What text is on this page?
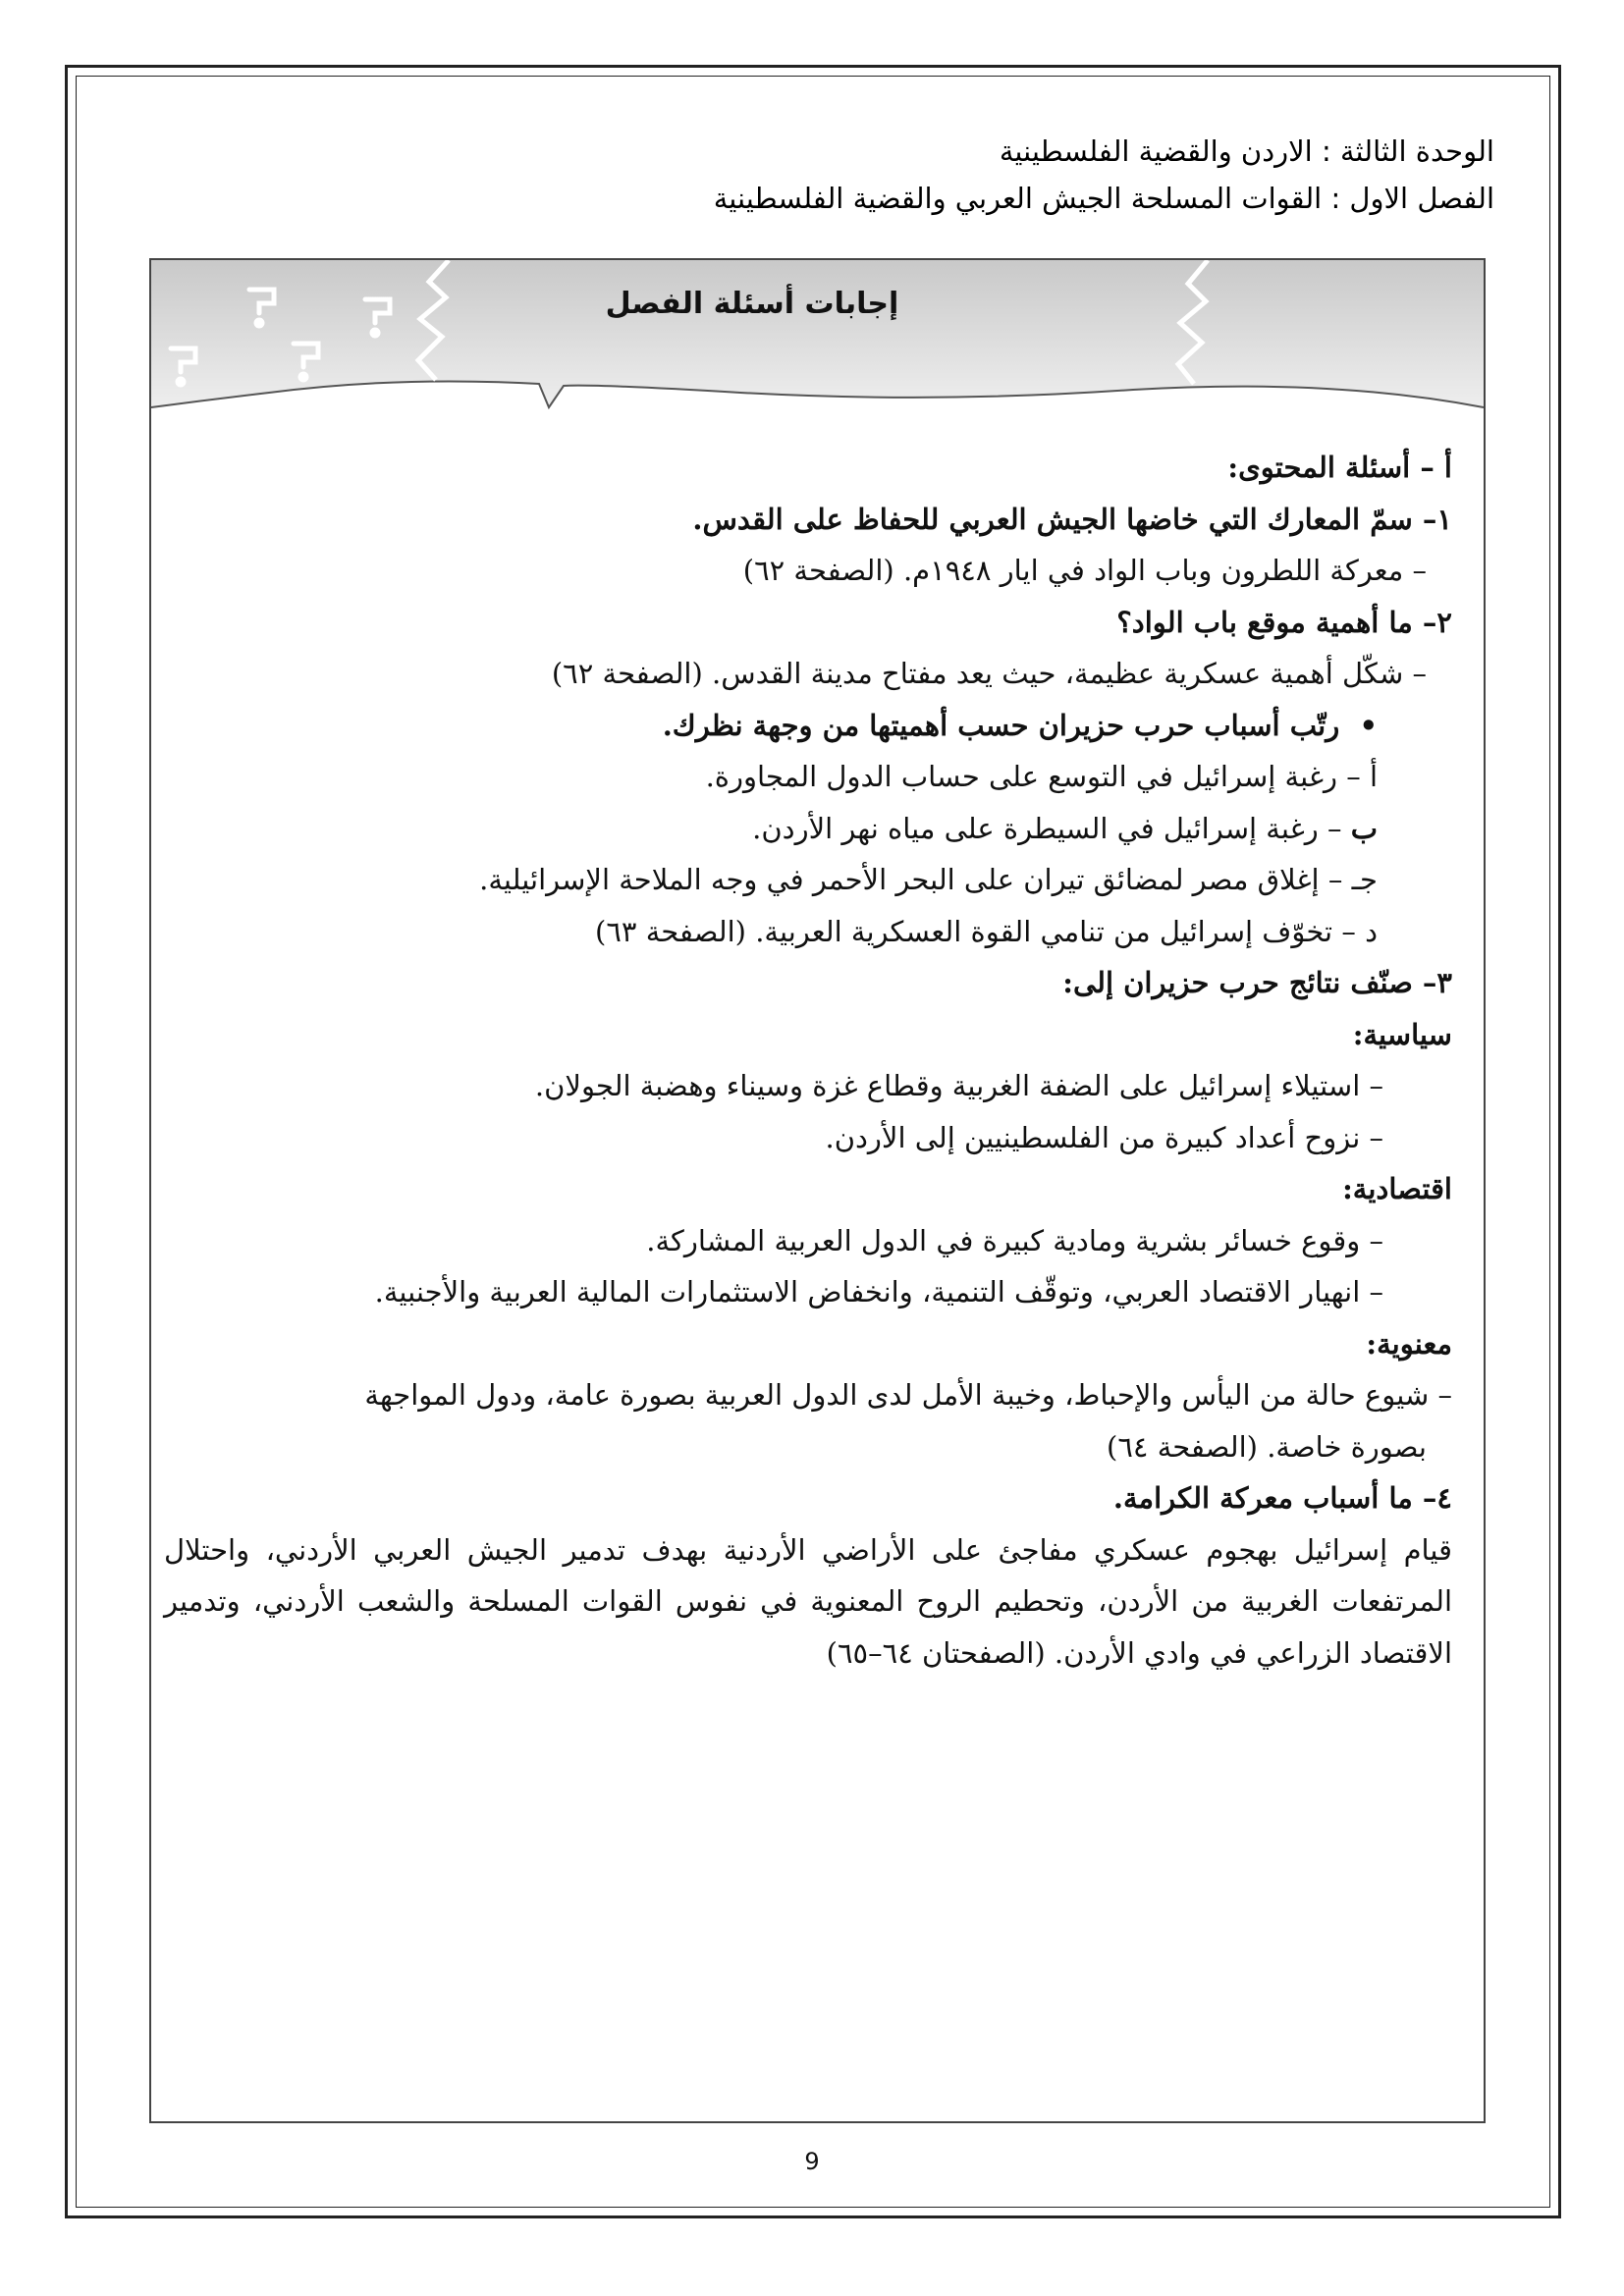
الوحدة الثالثة : الاردن والقضية الفلسطينية
الفصل الاول : القوات المسلحة الجيش العربي والقضية الفلسطينية
إجابات أسئلة الفصل
أ – أسئلة المحتوى:
١– سمّ المعارك التي خاضها الجيش العربي للحفاظ على القدس.
– معركة اللطرون وباب الواد في ايار ١٩٤٨م. (الصفحة ٦٢)
٢– ما أهمية موقع باب الواد؟
– شكّل أهمية عسكرية عظيمة، حيث يعد مفتاح مدينة القدس. (الصفحة ٦٢)
•  رتّب أسباب حرب حزيران حسب أهميتها من وجهة نظرك.
أ – رغبة إسرائيل في التوسع على حساب الدول المجاورة.
ب – رغبة إسرائيل في السيطرة على مياه نهر الأردن.
جـ – إغلاق مصر لمضائق تيران على البحر الأحمر في وجه الملاحة الإسرائيلية.
د – تخوّف إسرائيل من تنامي القوة العسكرية العربية. (الصفحة ٦٣)
٣– صنّف نتائج حرب حزيران إلى:
سياسية:
– استيلاء إسرائيل على الضفة الغربية وقطاع غزة وسيناء وهضبة الجولان.
– نزوح أعداد كبيرة من الفلسطينيين إلى الأردن.
اقتصادية:
– وقوع خسائر بشرية ومادية كبيرة في الدول العربية المشاركة.
– انهيار الاقتصاد العربي، وتوقّف التنمية، وانخفاض الاستثمارات المالية العربية والأجنبية.
معنوية:
– شيوع حالة من اليأس والإحباط، وخيبة الأمل لدى الدول العربية بصورة عامة، ودول المواجهة
بصورة خاصة. (الصفحة ٦٤)
٤– ما أسباب معركة الكرامة.
قيام إسرائيل بهجوم عسكري مفاجئ على الأراضي الأردنية بهدف تدمير الجيش العربي الأردني، واحتلال المرتفعات الغربية من الأردن، وتحطيم الروح المعنوية في نفوس القوات المسلحة والشعب الأردني، وتدمير الاقتصاد الزراعي في وادي الأردن. (الصفحتان ٦٤–٦٥)
9
